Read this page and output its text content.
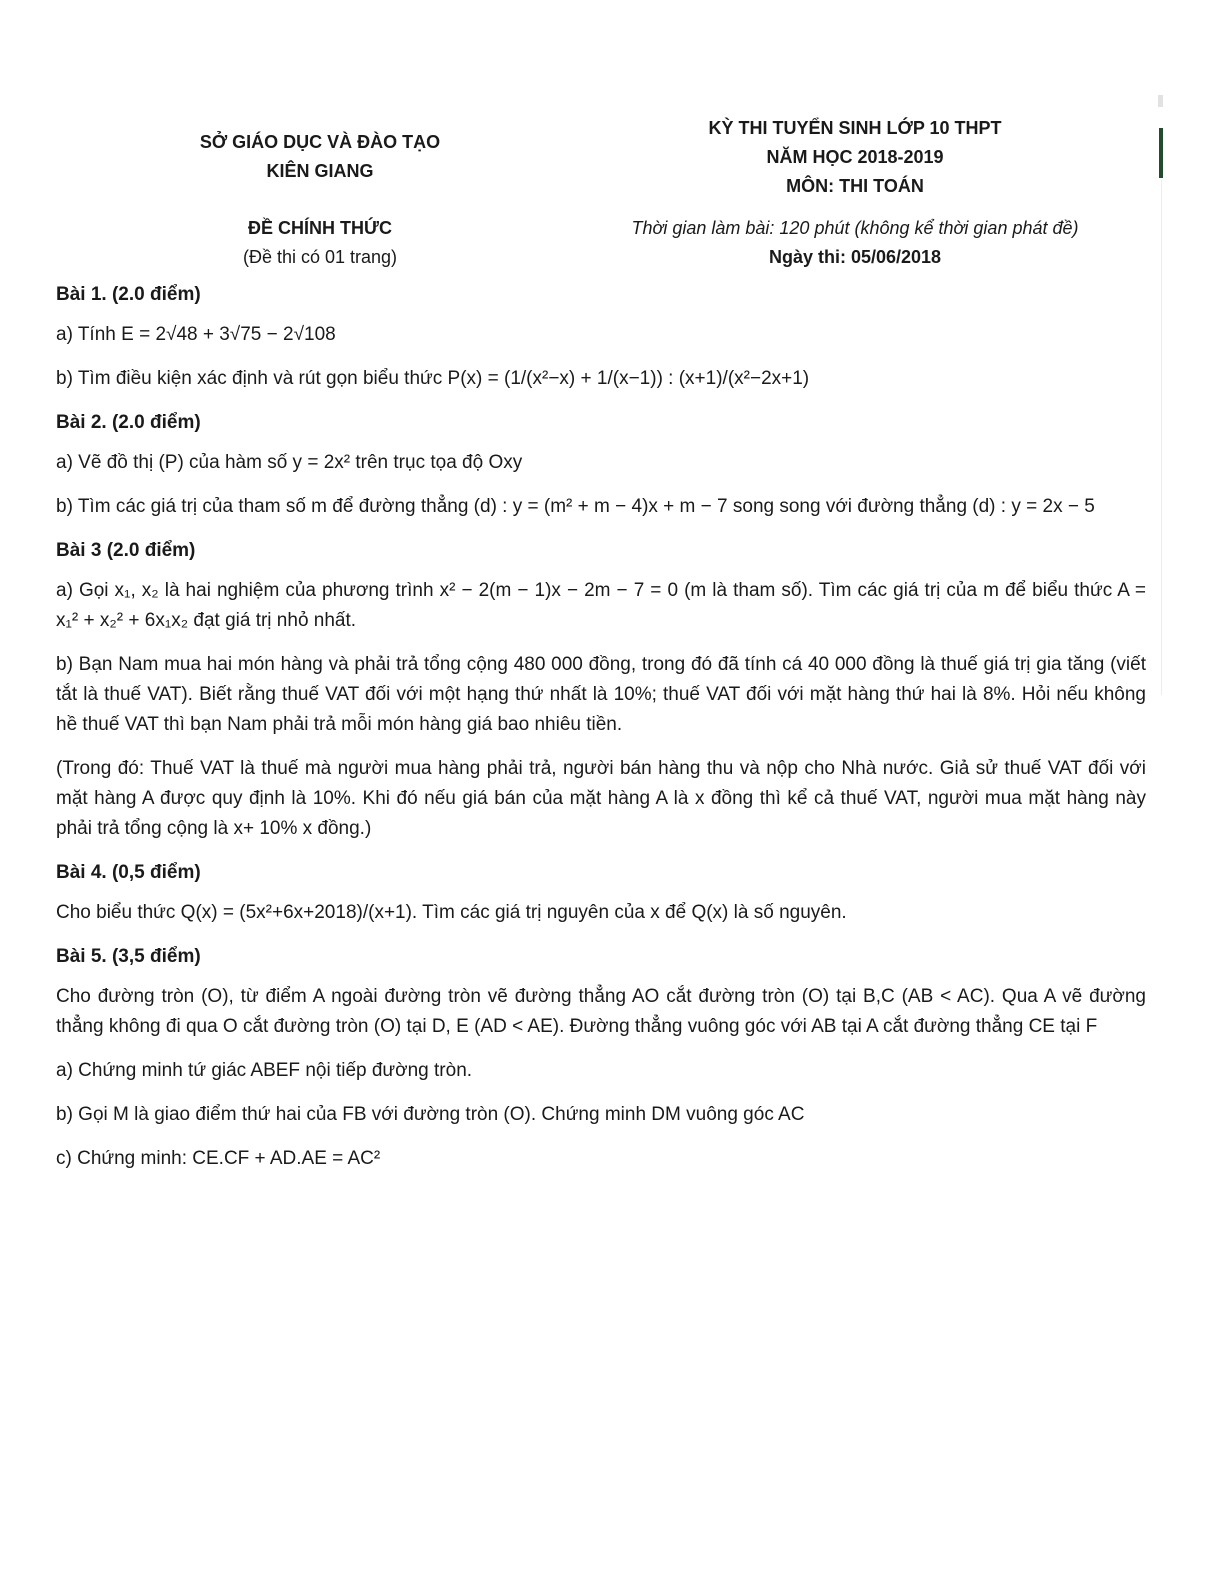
SỞ GIÁO DỤC VÀ ĐÀO TẠO
KIÊN GIANG
KỲ THI TUYỂN SINH LỚP 10 THPT
NĂM HỌC 2018-2019
MÔN: THI TOÁN
ĐỀ CHÍNH THỨC
(Đề thi có 01 trang)
Thời gian làm bài: 120 phút (không kể thời gian phát đề)
Ngày thi: 05/06/2018

Bài 1. (2.0 điểm)

a) Tính E = 2√48 + 3√75 − 2√108

b) Tìm điều kiện xác định và rút gọn biểu thức P(x) = (1/(x²−x) + 1/(x−1)) : (x+1)/(x²−2x+1)

Bài 2. (2.0 điểm)

a) Vẽ đồ thị (P) của hàm số y = 2x² trên trục tọa độ Oxy

b) Tìm các giá trị của tham số m để đường thẳng (d) : y = (m² + m − 4)x + m − 7 song song với đường thẳng (d) : y = 2x − 5

Bài 3 (2.0 điểm)

a) Gọi x₁, x₂ là hai nghiệm của phương trình x² − 2(m − 1)x − 2m − 7 = 0 (m là tham số). Tìm các giá trị của m để biểu thức A = x₁² + x₂² + 6x₁x₂ đạt giá trị nhỏ nhất.

b) Bạn Nam mua hai món hàng và phải trả tổng cộng 480 000 đồng, trong đó đã tính cá 40 000 đồng là thuế giá trị gia tăng (viết tắt là thuế VAT). Biết rằng thuế VAT đối với một hạng thứ nhất là 10%; thuế VAT đối với mặt hàng thứ hai là 8%. Hỏi nếu không hề thuế VAT thì bạn Nam phải trả mỗi món hàng giá bao nhiêu tiền.

(Trong đó: Thuế VAT là thuế mà người mua hàng phải trả, người bán hàng thu và nộp cho Nhà nước. Giả sử thuế VAT đối với mặt hàng A được quy định là 10%. Khi đó nếu giá bán của mặt hàng A là x đồng thì kể cả thuế VAT, người mua mặt hàng này phải trả tổng cộng là x+ 10% x đồng.)

Bài 4. (0,5 điểm)

Cho biểu thức Q(x) = (5x²+6x+2018)/(x+1). Tìm các giá trị nguyên của x để Q(x) là số nguyên.

Bài 5. (3,5 điểm)

Cho đường tròn (O), từ điểm A ngoài đường tròn vẽ đường thẳng AO cắt đường tròn (O) tại B,C (AB < AC). Qua A vẽ đường thẳng không đi qua O cắt đường tròn (O) tại D, E (AD < AE). Đường thẳng vuông góc với AB tại A cắt đường thẳng CE tại F

a) Chứng minh tứ giác ABEF nội tiếp đường tròn.

b) Gọi M là giao điểm thứ hai của FB với đường tròn (O). Chứng minh DM vuông góc AC

c) Chứng minh: CE.CF + AD.AE = AC²
